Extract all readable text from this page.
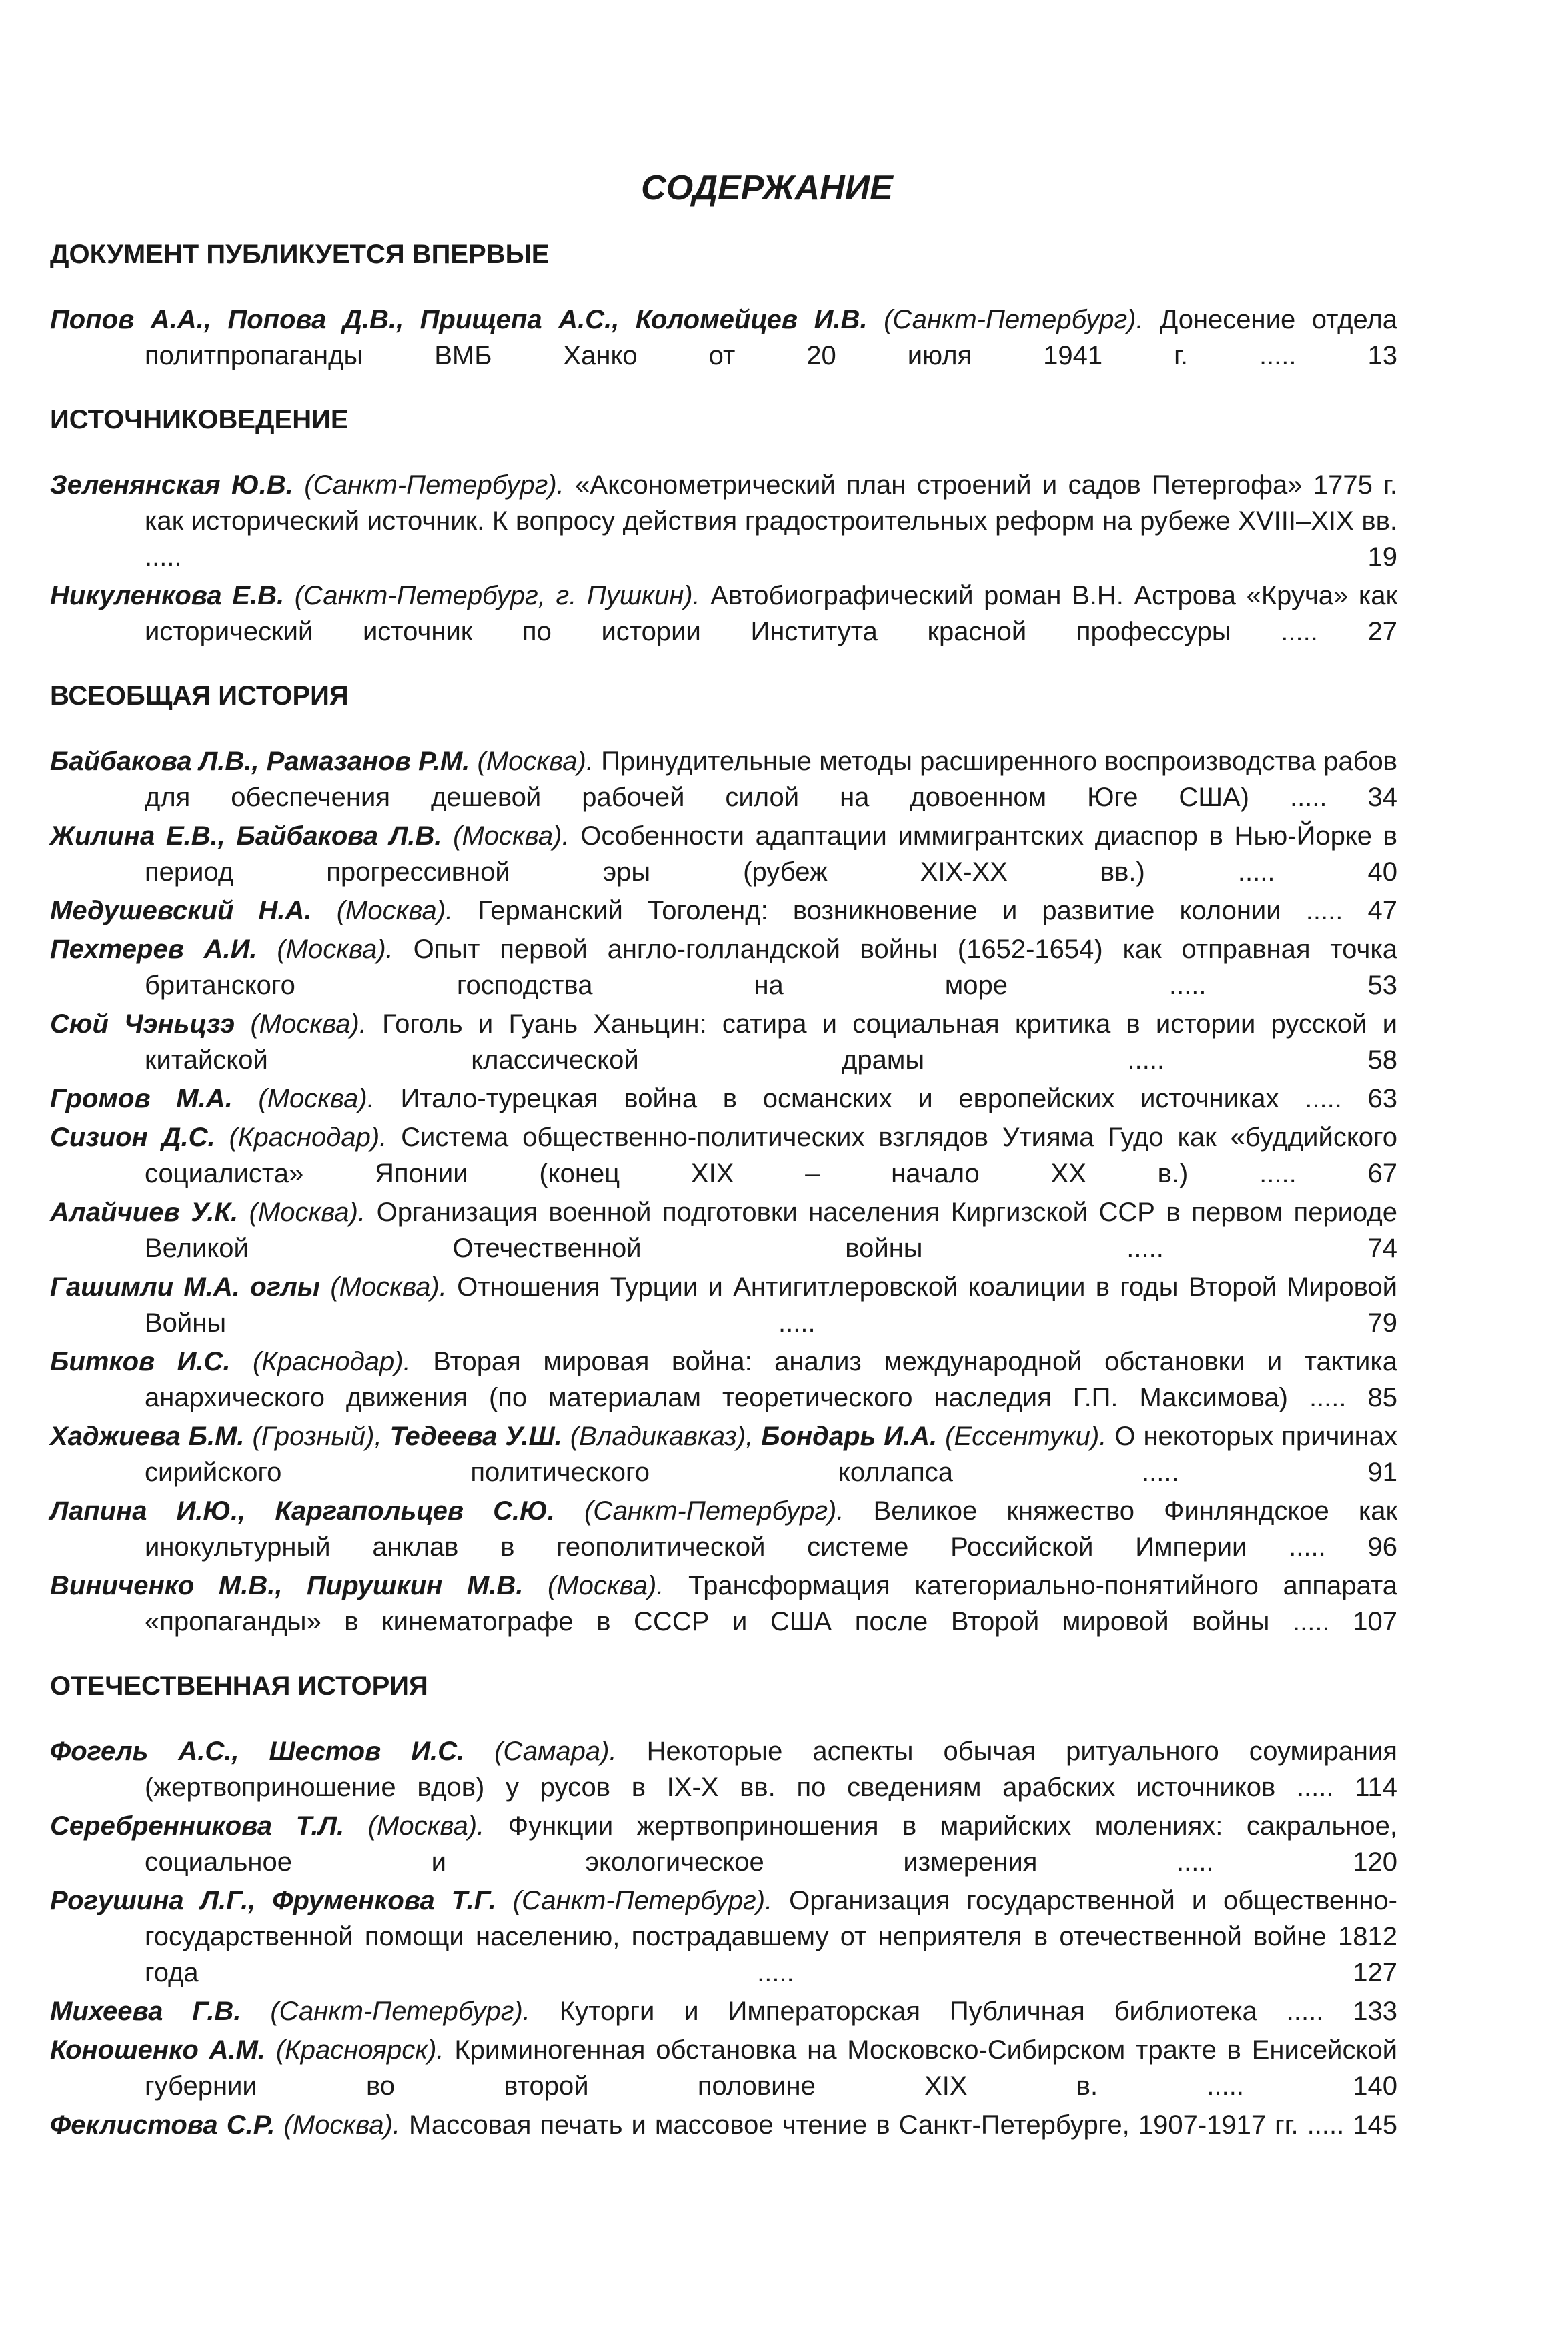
СОДЕРЖАНИЕ
ДОКУМЕНТ ПУБЛИКУЕТСЯ ВПЕРВЫЕ
Попов А.А., Попова Д.В., Прищепа А.С., Коломейцев И.В. (Санкт-Петербург). Донесение отдела политпропаганды ВМБ Ханко от 20 июля 1941 г.	.....	13
ИСТОЧНИКОВЕДЕНИЕ
Зеленянская Ю.В. (Санкт-Петербург). «Аксонометрический план строений и садов Петергофа» 1775 г. как исторический источник. К вопросу действия градостроительных реформ на рубеже XVIII–XIX вв. .....	19
Никуленкова Е.В. (Санкт-Петербург, г. Пушкин). Автобиографический роман В.Н. Астрова «Круча» как исторический источник по истории Института красной профессуры ..... 27
ВСЕОБЩАЯ ИСТОРИЯ
Байбакова Л.В., Рамазанов Р.М. (Москва). Принудительные методы расширенного воспроизводства рабов для обеспечения дешевой рабочей силой на довоенном Юге США) ..... 34
Жилина Е.В., Байбакова Л.В. (Москва). Особенности адаптации иммигрантских диаспор в Нью-Йорке в период прогрессивной эры (рубеж XIX-XX вв.)	.....	40
Медушевский Н.А. (Москва). Германский Тоголенд: возникновение и развитие колонии ..... 47
Пехтерев А.И. (Москва). Опыт первой англо-голландской войны (1652-1654) как отправная точка британского господства на море	.....	53
Сюй Чэньцзэ (Москва). Гоголь и Гуань Ханьцин: сатира и социальная критика в истории русской и китайской классической драмы	.....	58
Громов М.А. (Москва). Итало-турецкая война в османских и европейских источниках ..... 63
Сизион Д.С. (Краснодар). Система общественно-политических взглядов Утияма Гудо как «буддийского социалиста» Японии (конец XIX – начало XX в.)	.....	67
Алайчиев У.К. (Москва). Организация военной подготовки населения Киргизской ССР в первом периоде Великой Отечественной войны	.....	74
Гашимли М.А. оглы (Москва). Отношения Турции и Антигитлеровской коалиции в годы Второй Мировой Войны	.....	79
Битков И.С. (Краснодар). Вторая мировая война: анализ международной обстановки и тактика анархического движения (по материалам теоретического наследия Г.П. Максимова) ..... 85
Хаджиева Б.М. (Грозный), Тедеева У.Ш. (Владикавказ), Бондарь И.А. (Ессентуки). О некоторых причинах сирийского политического коллапса	.....	91
Лапина И.Ю., Каргапольцев С.Ю. (Санкт-Петербург). Великое княжество Финляндское как инокультурный анклав в геополитической системе Российской Империи ..... 96
Виниченко М.В., Пирушкин М.В. (Москва). Трансформация категориально-понятийного аппарата «пропаганды» в кинематографе в СССР и США после Второй мировой войны ..... 107
ОТЕЧЕСТВЕННАЯ ИСТОРИЯ
Фогель А.С., Шестов И.С. (Самара). Некоторые аспекты обычая ритуального соумирания (жертвоприношение вдов) у русов в IX-X вв. по сведениям арабских источников ..... 114
Серебренникова Т.Л. (Москва). Функции жертвоприношения в марийских молениях: сакральное, социальное и экологическое измерения	.....	120
Рогушина Л.Г., Фруменкова Т.Г. (Санкт-Петербург). Организация государственной и общественно-государственной помощи населению, пострадавшему от неприятеля в отечественной войне 1812 года	.....	127
Михеева Г.В. (Санкт-Петербург). Куторги и Императорская Публичная библиотека ..... 133
Коношенко А.М. (Красноярск). Криминогенная обстановка на Московско-Сибирском тракте в Енисейской губернии во второй половине XIX в.	.....	140
Феклистова С.Р. (Москва). Массовая печать и массовое чтение в Санкт-Петербурге, 1907-1917 гг. ..... 145
